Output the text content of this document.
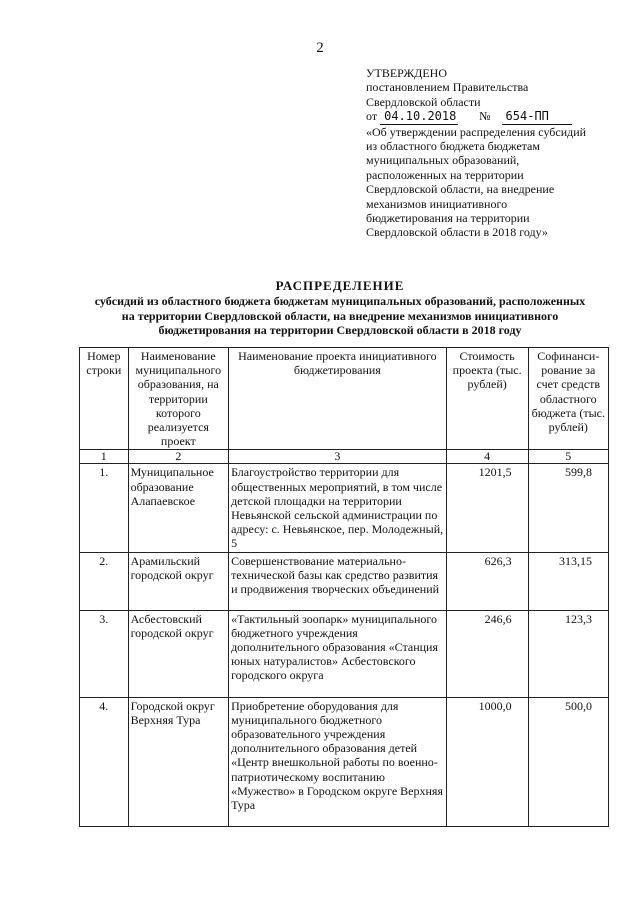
2
УТВЕРЖДЕНО
постановлением Правительства
Свердловской области
от 04.10.2018 № 654-ПП
«Об утверждении распределения субсидий
из областного бюджета бюджетам
муниципальных образований,
расположенных на территории
Свердловской области, на внедрение
механизмов инициативного
бюджетирования на территории
Свердловской области в 2018 году»
РАСПРЕДЕЛЕНИЕ
субсидий из областного бюджета бюджетам муниципальных образований, расположенных
на территории Свердловской области, на внедрение механизмов инициативного
бюджетирования на территории Свердловской области в 2018 году
Номер строки	Наименование муниципального образования, на территории которого реализуется проект	Наименование проекта инициативного бюджетирования	Стоимость проекта (тыс. рублей)	Софинанси-рование за счет средств областного бюджета (тыс. рублей)
1	2	3	4	5
1.	Муниципальное образование Алапаевское	Благоустройство территории для общественных мероприятий, в том числе детской площадки на территории Невьянской сельской администрации по адресу: с. Невьянское, пер. Молодежный, 5	1201,5	599,8
2.	Арамильский городской округ	Совершенствование материально-технической базы как средство развития и продвижения творческих объединений	626,3	313,15
3.	Асбестовский городской округ	«Тактильный зоопарк» муниципального бюджетного учреждения дополнительного образования «Станция юных натуралистов» Асбестовского городского округа	246,6	123,3
4.	Городской округ Верхняя Тура	Приобретение оборудования для муниципального бюджетного образовательного учреждения дополнительного образования детей «Центр внешкольной работы по военно-патриотическому воспитанию «Мужество» в Городском округе Верхняя Тура	1000,0	500,0
